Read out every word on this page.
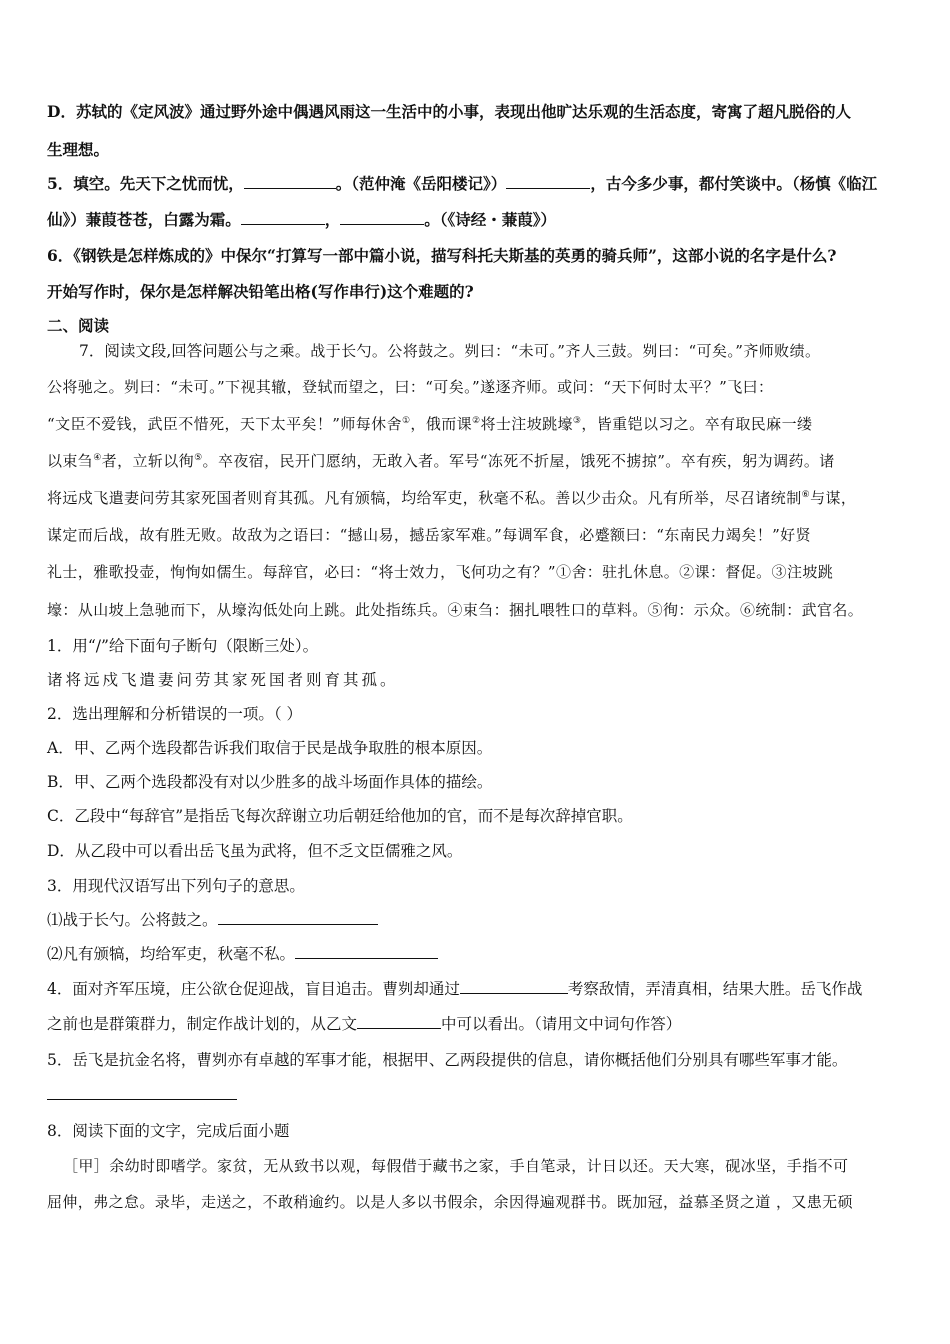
D．苏轼的《定风波》通过野外途中偶遇风雨这一生活中的小事，表现出他旷达乐观的生活态度，寄寓了超凡脱俗的人
生理想。
5．填空。先天下之忧而忧，	。（范仲淹《岳阳楼记》）	，古今多少事，都付笑谈中。（杨慎《临江
仙》）蒹葭苍苍，白露为霜。	，	。（《诗经・蒹葭》）
6．《钢铁是怎样炼成的》中保尔“打算写一部中篇小说，描写科托夫斯基的英勇的骑兵师”，这部小说的名字是什么?
开始写作时，保尔是怎样解决铅笔出格(写作串行)这个难题的?
二、阅读
7．阅读文段,回答问题公与之乘。战于长勺。公将鼓之。刿曰：“未可。”齐人三鼓。刿曰：“可矣。”齐师败绩。
公将驰之。刿曰：“未可。”下视其辙，登轼而望之，曰：“可矣。”遂逐齐师。或问：“天下何时太平？”飞曰：
“文臣不爱钱，武臣不惜死，天下太平矣！”师每休舍①，俄而课②将士注坡跳壕③，皆重铠以习之。卒有取民麻一缕
以束刍④者，立斩以徇⑤。卒夜宿，民开门愿纳，无敢入者。军号“冻死不折屋，饿死不掳掠”。卒有疾，躬为调药。诸
将远戍飞遣妻问劳其家死国者则育其孤。凡有颁犒，均给军吏，秋毫不私。善以少击众。凡有所举，尽召诸统制⑥与谋，
谋定而后战，故有胜无败。故敌为之语曰：“撼山易，撼岳家军难。”每调军食，必蹙额曰：“东南民力竭矣！”好贤
礼士，雅歌投壶，恂恂如儒生。每辞官，必曰：“将士效力，飞何功之有？”①舍：驻扎休息。②课：督促。③注坡跳
壕：从山坡上急驰而下，从壕沟低处向上跳。此处指练兵。④束刍：捆扎喂牲口的草料。⑤徇：示众。⑥统制：武官名。
1．用“/”给下面句子断句（限断三处）。
诸将远戍飞遣妻问劳其家死国者则育其孤。
2．选出理解和分析错误的一项。（ ）
A．甲、乙两个选段都告诉我们取信于民是战争取胜的根本原因。
B．甲、乙两个选段都没有对以少胜多的战斗场面作具体的描绘。
C．乙段中“每辞官”是指岳飞每次辞谢立功后朝廷给他加的官，而不是每次辞掉官职。
D．从乙段中可以看出岳飞虽为武将，但不乏文臣儒雅之风。
3．用现代汉语写出下列句子的意思。
⑴战于长勺。公将鼓之。
⑵凡有颁犒，均给军吏，秋毫不私。
4．面对齐军压境，庄公欲仓促迎战，盲目追击。曹刿却通过	考察敌情，弄清真相，结果大胜。岳飞作战
之前也是群策群力，制定作战计划的，从乙文	中可以看出。（请用文中词句作答）
5．岳飞是抗金名将，曹刿亦有卓越的军事才能，根据甲、乙两段提供的信息，请你概括他们分别具有哪些军事才能。
8．阅读下面的文字，完成后面小题
［甲］余幼时即嗜学。家贫，无从致书以观，每假借于藏书之家，手自笔录，计日以还。天大寒，砚冰坚，手指不可
屈伸，弗之怠。录毕，走送之，不敢稍逾约。以是人多以书假余，余因得遍观群书。既加冠，益慕圣贤之道 ，又患无硕
